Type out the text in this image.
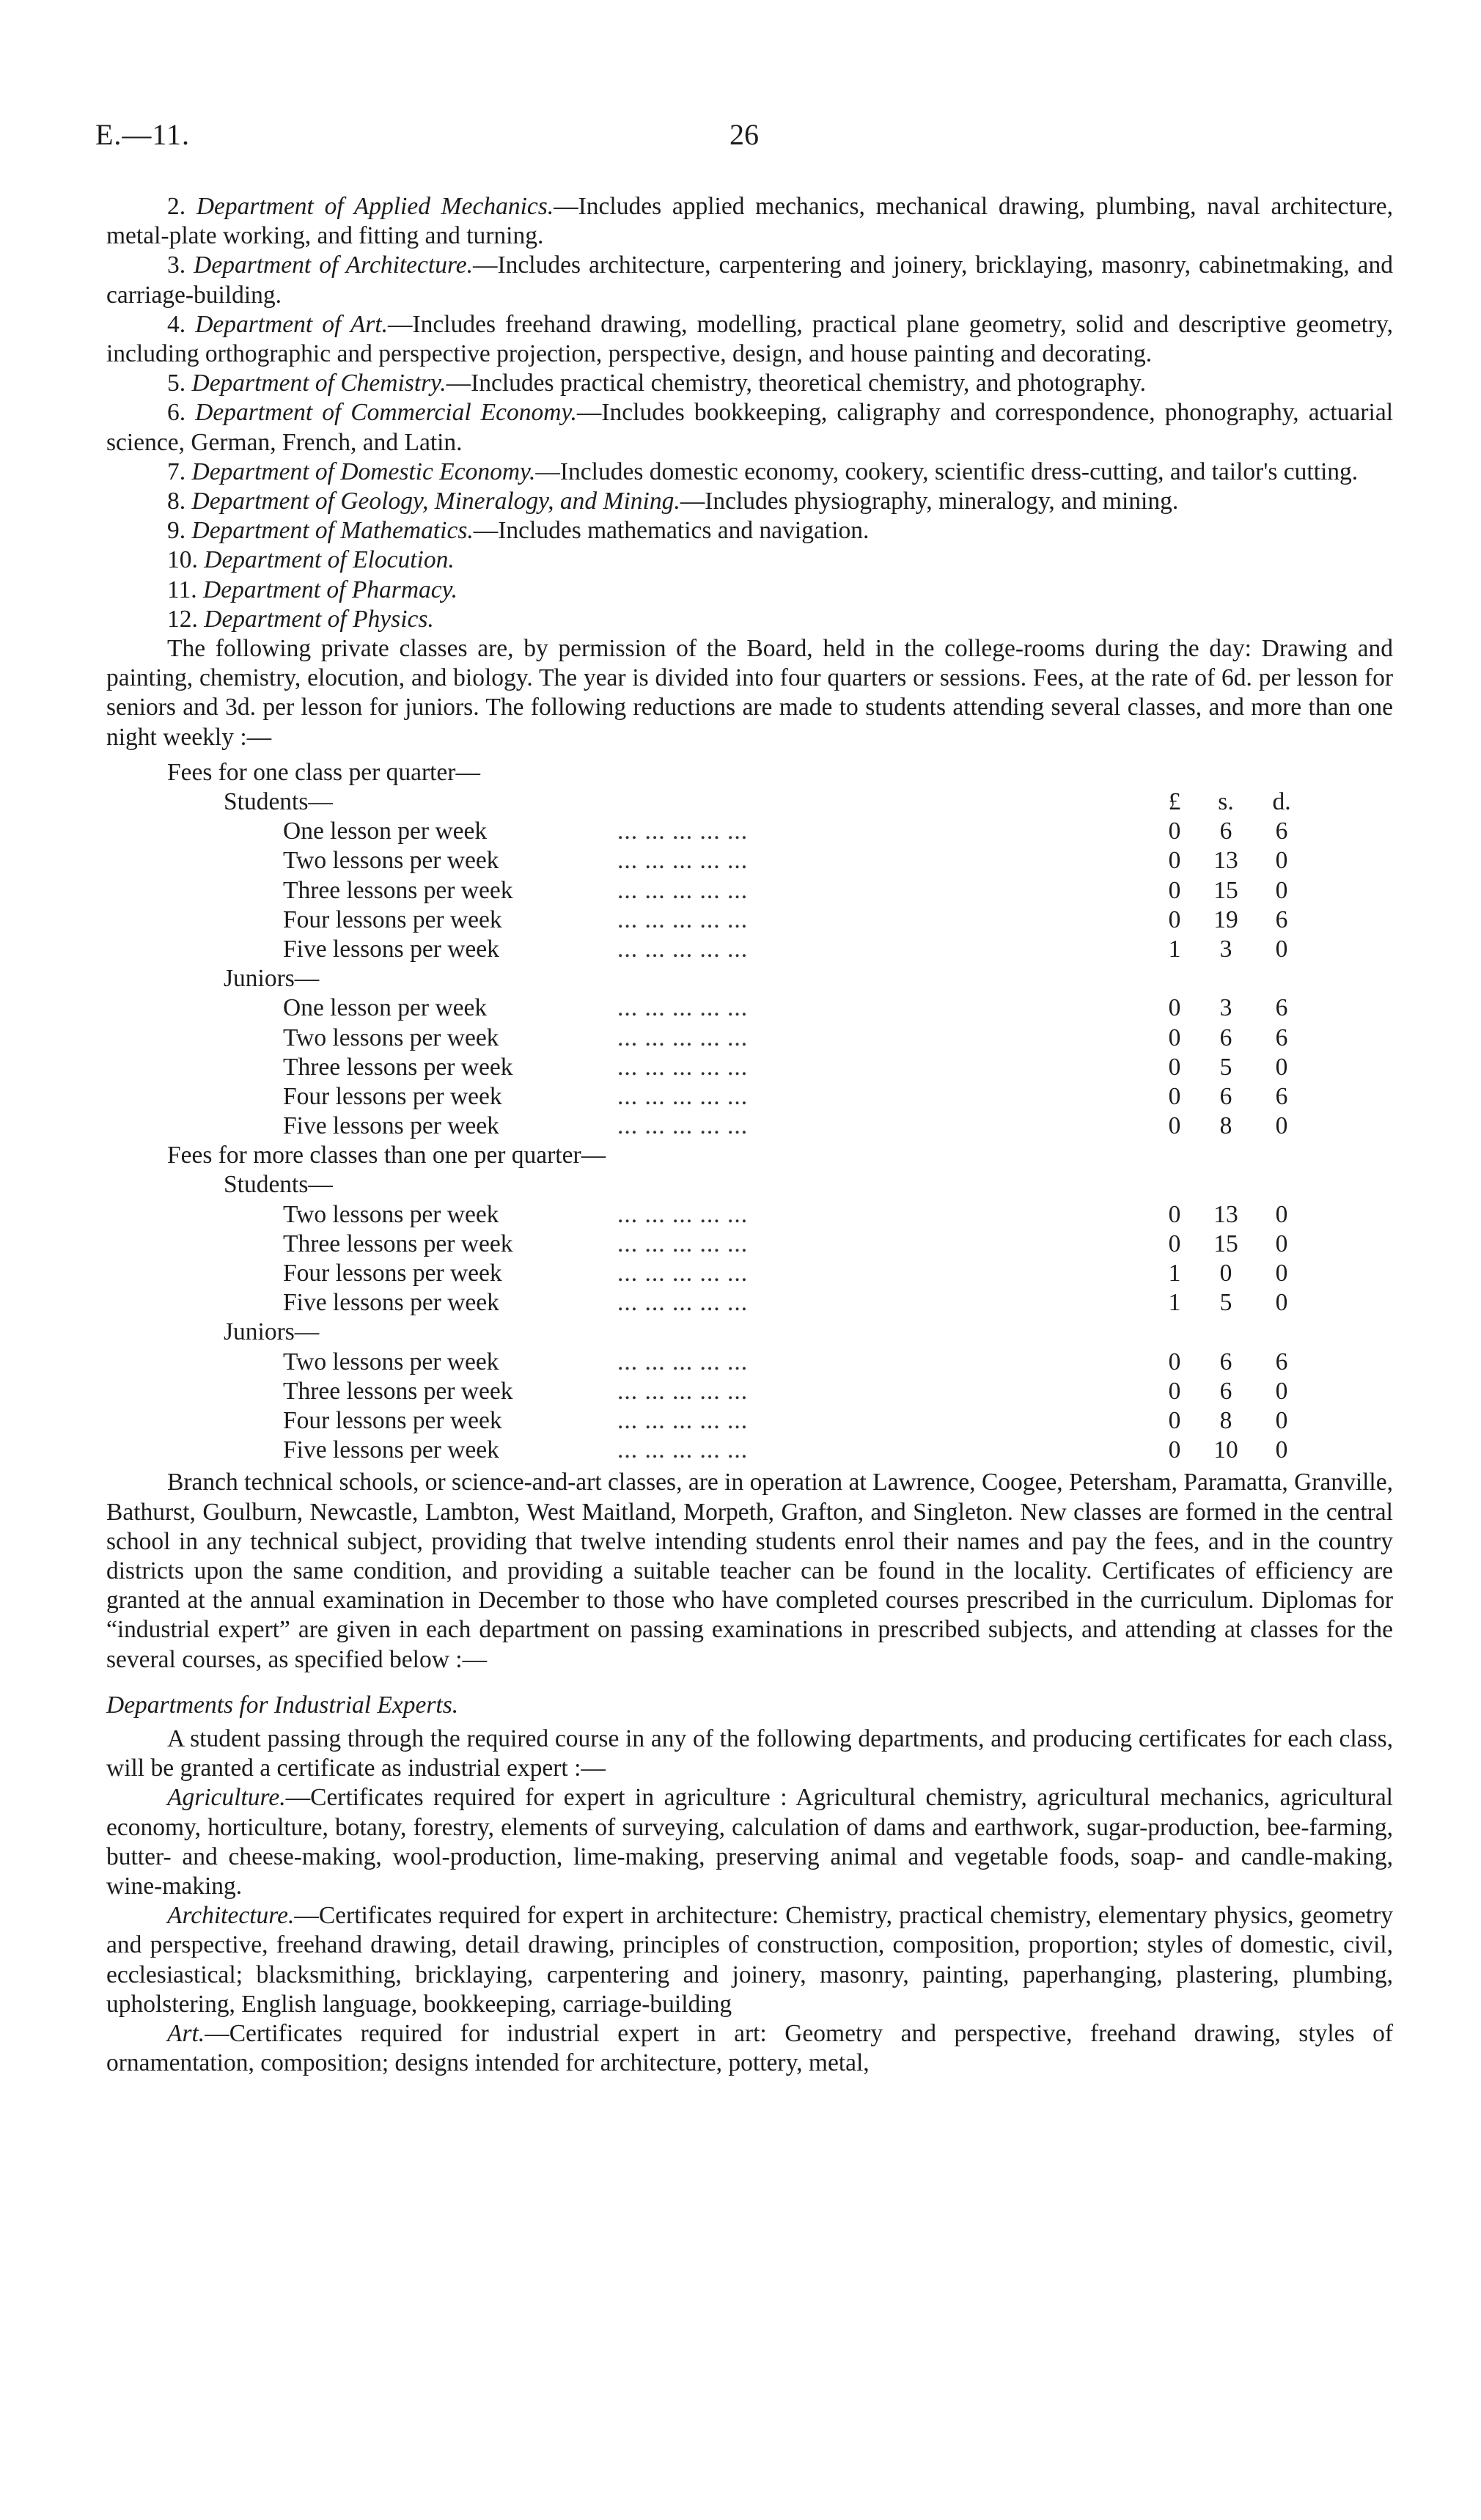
E.—11.	26

2. Department of Applied Mechanics.—Includes applied mechanics, mechanical drawing, plumbing, naval architecture, metal-plate working, and fitting and turning.

3. Department of Architecture.—Includes architecture, carpentering and joinery, bricklaying, masonry, cabinetmaking, and carriage-building.

4. Department of Art.—Includes freehand drawing, modelling, practical plane geometry, solid and descriptive geometry, including orthographic and perspective projection, perspective, design, and house painting and decorating.

5. Department of Chemistry.—Includes practical chemistry, theoretical chemistry, and photography.

6. Department of Commercial Economy.—Includes bookkeeping, caligraphy and correspondence, phonography, actuarial science, German, French, and Latin.

7. Department of Domestic Economy.—Includes domestic economy, cookery, scientific dress-cutting, and tailor's cutting.

8. Department of Geology, Mineralogy, and Mining.—Includes physiography, mineralogy, and mining.

9. Department of Mathematics.—Includes mathematics and navigation.

10. Department of Elocution.

11. Department of Pharmacy.

12. Department of Physics.

The following private classes are, by permission of the Board, held in the college-rooms during the day: Drawing and painting, chemistry, elocution, and biology. The year is divided into four quarters or sessions. Fees, at the rate of 6d. per lesson for seniors and 3d. per lesson for juniors. The following reductions are made to students attending several classes, and more than one night weekly :—

Fees for one class per quarter—
Students—	£	s.	d.
One lesson per week	... ... ... ... ...	0	6	6
Two lessons per week	... ... ... ... ...	0	13	0
Three lessons per week	... ... ... ... ...	0	15	0
Four lessons per week	... ... ... ... ...	0	19	6
Five lessons per week	... ... ... ... ...	1	3	0
Juniors—
One lesson per week	... ... ... ... ...	0	3	6
Two lessons per week	... ... ... ... ...	0	6	6
Three lessons per week	... ... ... ... ...	0	5	0
Four lessons per week	... ... ... ... ...	0	6	6
Five lessons per week	... ... ... ... ...	0	8	0
Fees for more classes than one per quarter—
Students—
Two lessons per week	... ... ... ... ...	0	13	0
Three lessons per week	... ... ... ... ...	0	15	0
Four lessons per week	... ... ... ... ...	1	0	0
Five lessons per week	... ... ... ... ...	1	5	0
Juniors—
Two lessons per week	... ... ... ... ...	0	6	6
Three lessons per week	... ... ... ... ...	0	6	0
Four lessons per week	... ... ... ... ...	0	8	0
Five lessons per week	... ... ... ... ...	0	10	0

Branch technical schools, or science-and-art classes, are in operation at Lawrence, Coogee, Petersham, Paramatta, Granville, Bathurst, Goulburn, Newcastle, Lambton, West Maitland, Morpeth, Grafton, and Singleton. New classes are formed in the central school in any technical subject, providing that twelve intending students enrol their names and pay the fees, and in the country districts upon the same condition, and providing a suitable teacher can be found in the locality. Certificates of efficiency are granted at the annual examination in December to those who have completed courses prescribed in the curriculum. Diplomas for “industrial expert” are given in each department on passing examinations in prescribed subjects, and attending at classes for the several courses, as specified below :—

Departments for Industrial Experts.

A student passing through the required course in any of the following departments, and producing certificates for each class, will be granted a certificate as industrial expert :—

Agriculture.—Certificates required for expert in agriculture : Agricultural chemistry, agricultural mechanics, agricultural economy, horticulture, botany, forestry, elements of surveying, calculation of dams and earthwork, sugar-production, bee-farming, butter- and cheese-making, wool-production, lime-making, preserving animal and vegetable foods, soap- and candle-making, wine-making.

Architecture.—Certificates required for expert in architecture: Chemistry, practical chemistry, elementary physics, geometry and perspective, freehand drawing, detail drawing, principles of construction, composition, proportion; styles of domestic, civil, ecclesiastical; blacksmithing, bricklaying, carpentering and joinery, masonry, painting, paperhanging, plastering, plumbing, upholstering, English language, bookkeeping, carriage-building

Art.—Certificates required for industrial expert in art: Geometry and perspective, freehand drawing, styles of ornamentation, composition; designs intended for architecture, pottery, metal,
